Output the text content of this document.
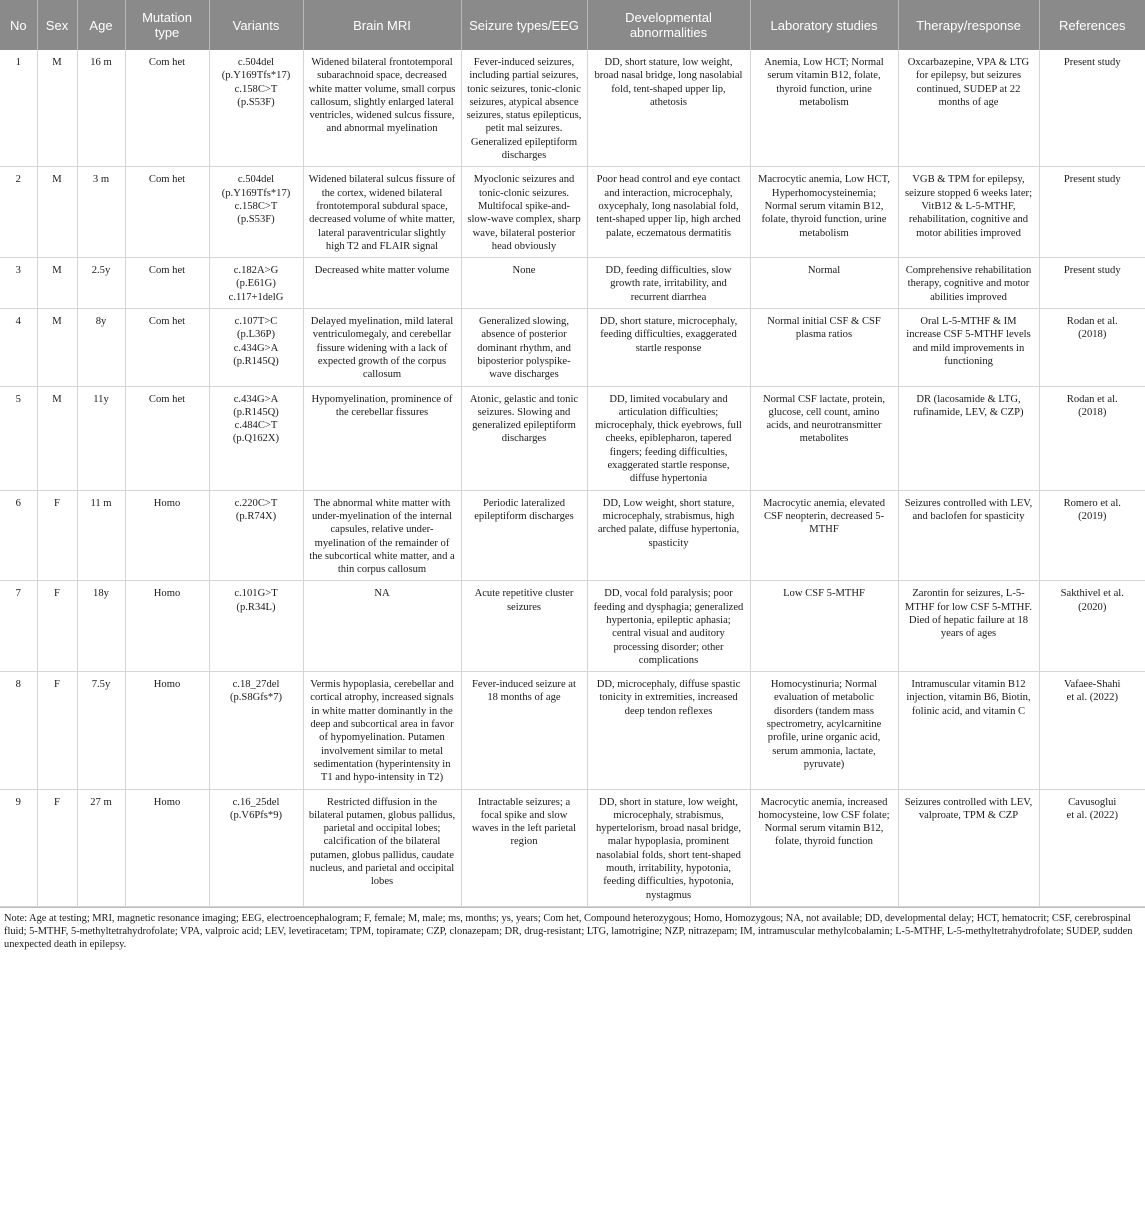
No	Sex	Age	Mutation type	Variants	Brain MRI	Seizure types/EEG	Developmental abnormalities	Laboratory studies	Therapy/response	References
1	M	16 m	Com het	c.504del
(p.Y169Tfs*17)
c.158C>T
(p.S53F)	Widened bilateral frontotemporal subarachnoid space, decreased white matter volume, small corpus callosum, slightly enlarged lateral ventricles, widened sulcus fissure, and abnormal myelination	Fever-induced seizures, including partial seizures, tonic seizures, tonic-clonic seizures, atypical absence seizures, status epilepticus, petit mal seizures. Generalized epileptiform discharges	DD, short stature, low weight, broad nasal bridge, long nasolabial fold, tent-shaped upper lip, athetosis	Anemia, Low HCT; Normal serum vitamin B12, folate, thyroid function, urine metabolism	Oxcarbazepine, VPA & LTG for epilepsy, but seizures continued, SUDEP at 22 months of age	Present study
2	M	3 m	Com het	c.504del
(p.Y169Tfs*17)
c.158C>T
(p.S53F)	Widened bilateral sulcus fissure of the cortex, widened bilateral frontotemporal subdural space, decreased volume of white matter, lateral paraventricular slightly high T2 and FLAIR signal	Myoclonic seizures and tonic-clonic seizures. Multifocal spike-and-slow-wave complex, sharp wave, bilateral posterior head obviously	Poor head control and eye contact and interaction, microcephaly, oxycephaly, long nasolabial fold, tent-shaped upper lip, high arched palate, eczematous dermatitis	Macrocytic anemia, Low HCT, Hyperhomocysteinemia; Normal serum vitamin B12, folate, thyroid function, urine metabolism	VGB & TPM for epilepsy, seizure stopped 6 weeks later; VitB12 & L-5-MTHF, rehabilitation, cognitive and motor abilities improved	Present study
3	M	2.5y	Com het	c.182A>G
(p.E61G)
c.117+1delG	Decreased white matter volume	None	DD, feeding difficulties, slow growth rate, irritability, and recurrent diarrhea	Normal	Comprehensive rehabilitation therapy, cognitive and motor abilities improved	Present study
4	M	8y	Com het	c.107T>C
(p.L36P)
c.434G>A
(p.R145Q)	Delayed myelination, mild lateral ventriculomegaly, and cerebellar fissure widening with a lack of expected growth of the corpus callosum	Generalized slowing, absence of posterior dominant rhythm, and biposterior polyspike-wave discharges	DD, short stature, microcephaly, feeding difficulties, exaggerated startle response	Normal initial CSF & CSF plasma ratios	Oral L-5-MTHF & IM increase CSF 5-MTHF levels and mild improvements in functioning	Rodan et al.
(2018)
5	M	11y	Com het	c.434G>A
(p.R145Q)
c.484C>T
(p.Q162X)	Hypomyelination, prominence of the cerebellar fissures	Atonic, gelastic and tonic seizures. Slowing and generalized epileptiform discharges	DD, limited vocabulary and articulation difficulties; microcephaly, thick eyebrows, full cheeks, epiblepharon, tapered fingers; feeding difficulties, exaggerated startle response, diffuse hypertonia	Normal CSF lactate, protein, glucose, cell count, amino acids, and neurotransmitter metabolites	DR (lacosamide & LTG, rufinamide, LEV, & CZP)	Rodan et al.
(2018)
6	F	11 m	Homo	c.220C>T
(p.R74X)	The abnormal white matter with under-myelination of the internal capsules, relative under-myelination of the remainder of the subcortical white matter, and a thin corpus callosum	Periodic lateralized epileptiform discharges	DD, Low weight, short stature, microcephaly, strabismus, high arched palate, diffuse hypertonia, spasticity	Macrocytic anemia, elevated CSF neopterin, decreased 5-MTHF	Seizures controlled with LEV, and baclofen for spasticity	Romero et al.
(2019)
7	F	18y	Homo	c.101G>T
(p.R34L)	NA	Acute repetitive cluster seizures	DD, vocal fold paralysis; poor feeding and dysphagia; generalized hypertonia, epileptic aphasia; central visual and auditory processing disorder; other complications	Low CSF 5-MTHF	Zarontin for seizures, L-5-MTHF for low CSF 5-MTHF. Died of hepatic failure at 18 years of ages	Sakthivel et al.
(2020)
8	F	7.5y	Homo	c.18_27del
(p.S8Gfs*7)	Vermis hypoplasia, cerebellar and cortical atrophy, increased signals in white matter dominantly in the deep and subcortical area in favor of hypomyelination. Putamen involvement similar to metal sedimentation (hyperintensity in T1 and hypo-intensity in T2)	Fever-induced seizure at 18 months of age	DD, microcephaly, diffuse spastic tonicity in extremities, increased deep tendon reflexes	Homocystinuria; Normal evaluation of metabolic disorders (tandem mass spectrometry, acylcarnitine profile, urine organic acid, serum ammonia, lactate, pyruvate)	Intramuscular vitamin B12 injection, vitamin B6, Biotin, folinic acid, and vitamin C	Vafaee-Shahi
et al. (2022)
9	F	27 m	Homo	c.16_25del
(p.V6Pfs*9)	Restricted diffusion in the bilateral putamen, globus pallidus, parietal and occipital lobes; calcification of the bilateral putamen, globus pallidus, caudate nucleus, and parietal and occipital lobes	Intractable seizures; a focal spike and slow waves in the left parietal region	DD, short in stature, low weight, microcephaly, strabismus, hypertelorism, broad nasal bridge, malar hypoplasia, prominent nasolabial folds, short tent-shaped mouth, irritability, hypotonia, feeding difficulties, hypotonia, nystagmus	Macrocytic anemia, increased homocysteine, low CSF folate; Normal serum vitamin B12, folate, thyroid function	Seizures controlled with LEV, valproate, TPM & CZP	Cavusoglui
et al. (2022)
Note: Age at testing; MRI, magnetic resonance imaging; EEG, electroencephalogram; F, female; M, male; ms, months; ys, years; Com het, Compound heterozygous; Homo, Homozygous; NA, not available; DD, developmental delay; HCT, hematocrit; CSF, cerebrospinal fluid; 5-MTHF, 5-methyltetrahydrofolate; VPA, valproic acid; LEV, levetiracetam; TPM, topiramate; CZP, clonazepam; DR, drug-resistant; LTG, lamotrigine; NZP, nitrazepam; IM, intramuscular methylcobalamin; L-5-MTHF, L-5-methyltetrahydrofolate; SUDEP, sudden unexpected death in epilepsy.
